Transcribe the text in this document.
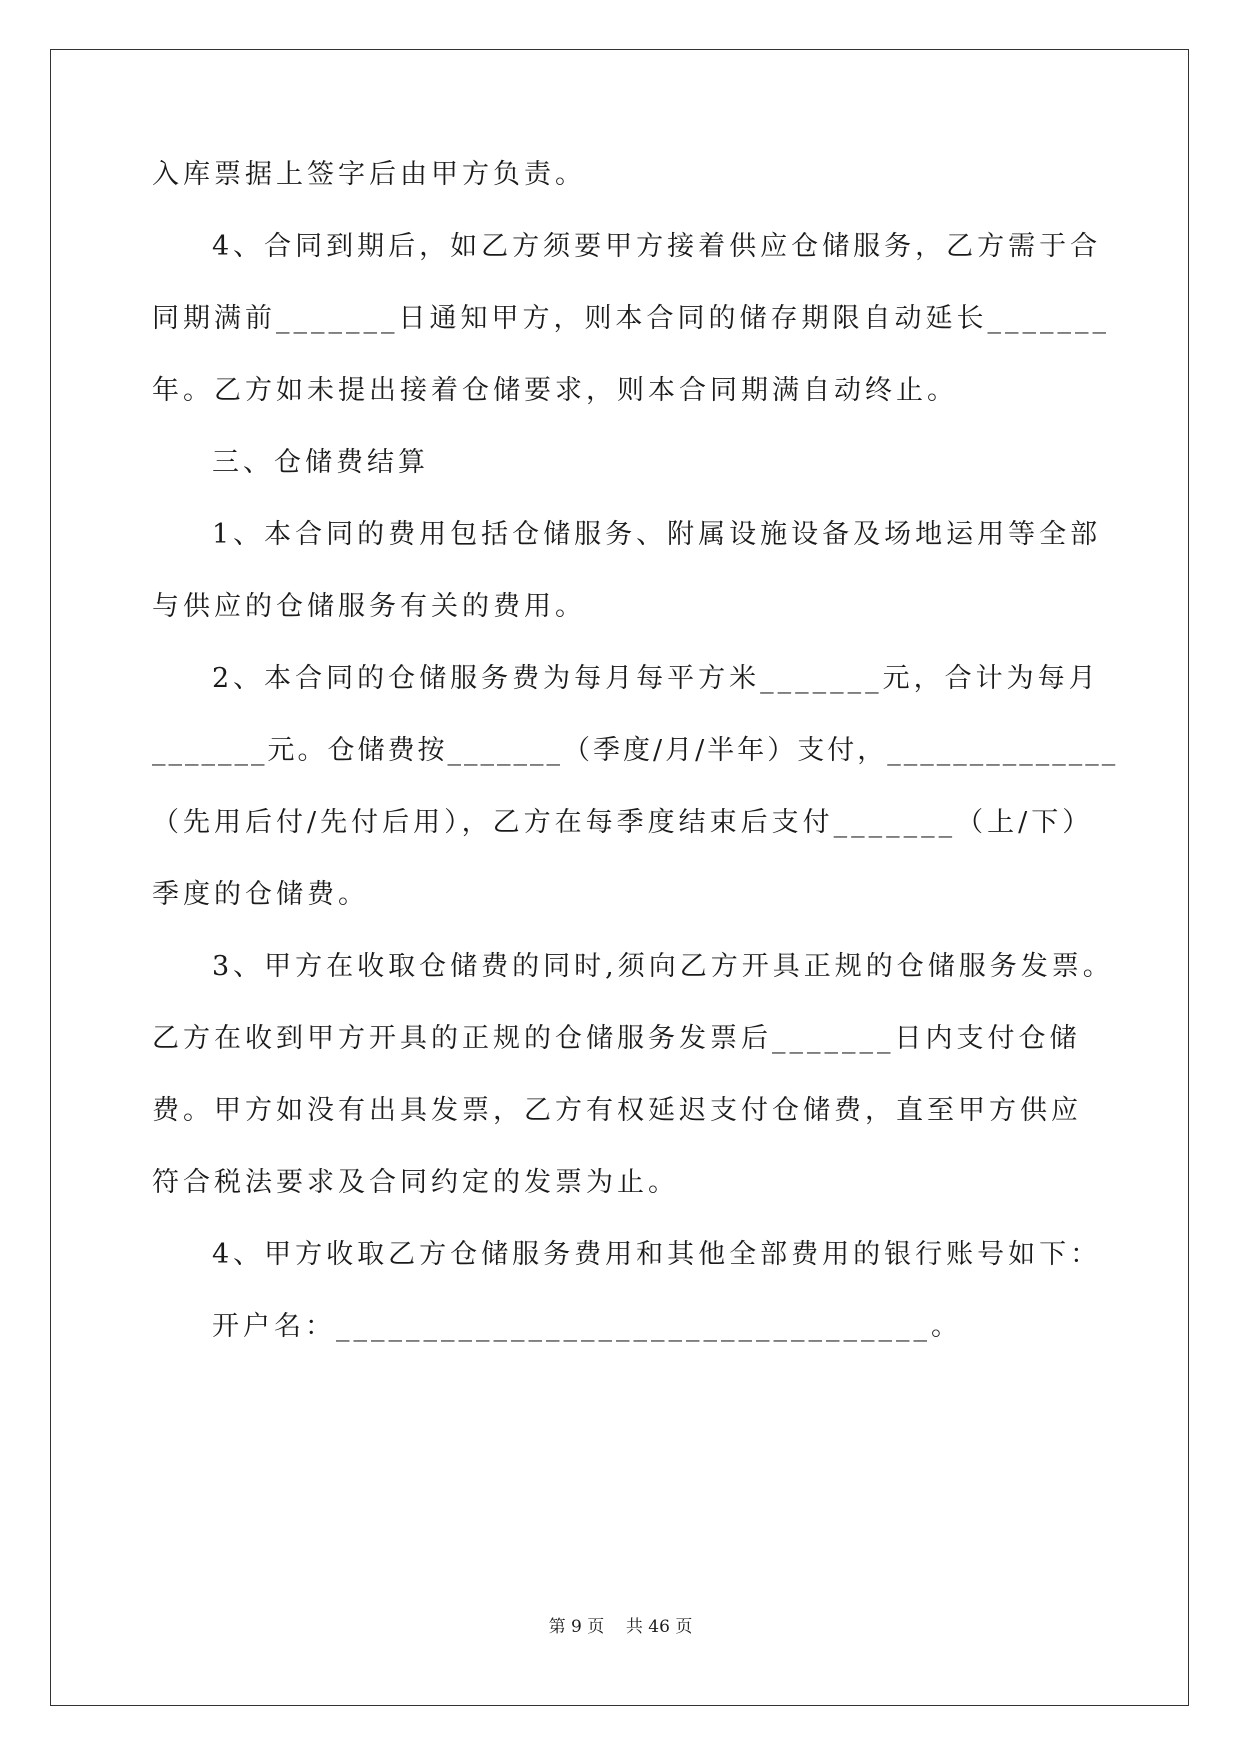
入库票据上签字后由甲方负责。
4、合同到期后，如乙方须要甲方接着供应仓储服务，乙方需于合
同期满前_______日通知甲方，则本合同的储存期限自动延长_______
年。乙方如未提出接着仓储要求，则本合同期满自动终止。
三、仓储费结算
1、本合同的费用包括仓储服务、附属设施设备及场地运用等全部
与供应的仓储服务有关的费用。
2、本合同的仓储服务费为每月每平方米_______元，合计为每月
_______元。仓储费按_______（季度/月/半年）支付，______________
（先用后付/先付后用），乙方在每季度结束后支付_______（上/下）
季度的仓储费。
3、甲方在收取仓储费的同时,须向乙方开具正规的仓储服务发票。
乙方在收到甲方开具的正规的仓储服务发票后_______日内支付仓储
费。甲方如没有出具发票，乙方有权延迟支付仓储费，直至甲方供应
符合税法要求及合同约定的发票为止。
4、甲方收取乙方仓储服务费用和其他全部费用的银行账号如下：
开户名：__________________________________。
第 9 页    共 46 页
